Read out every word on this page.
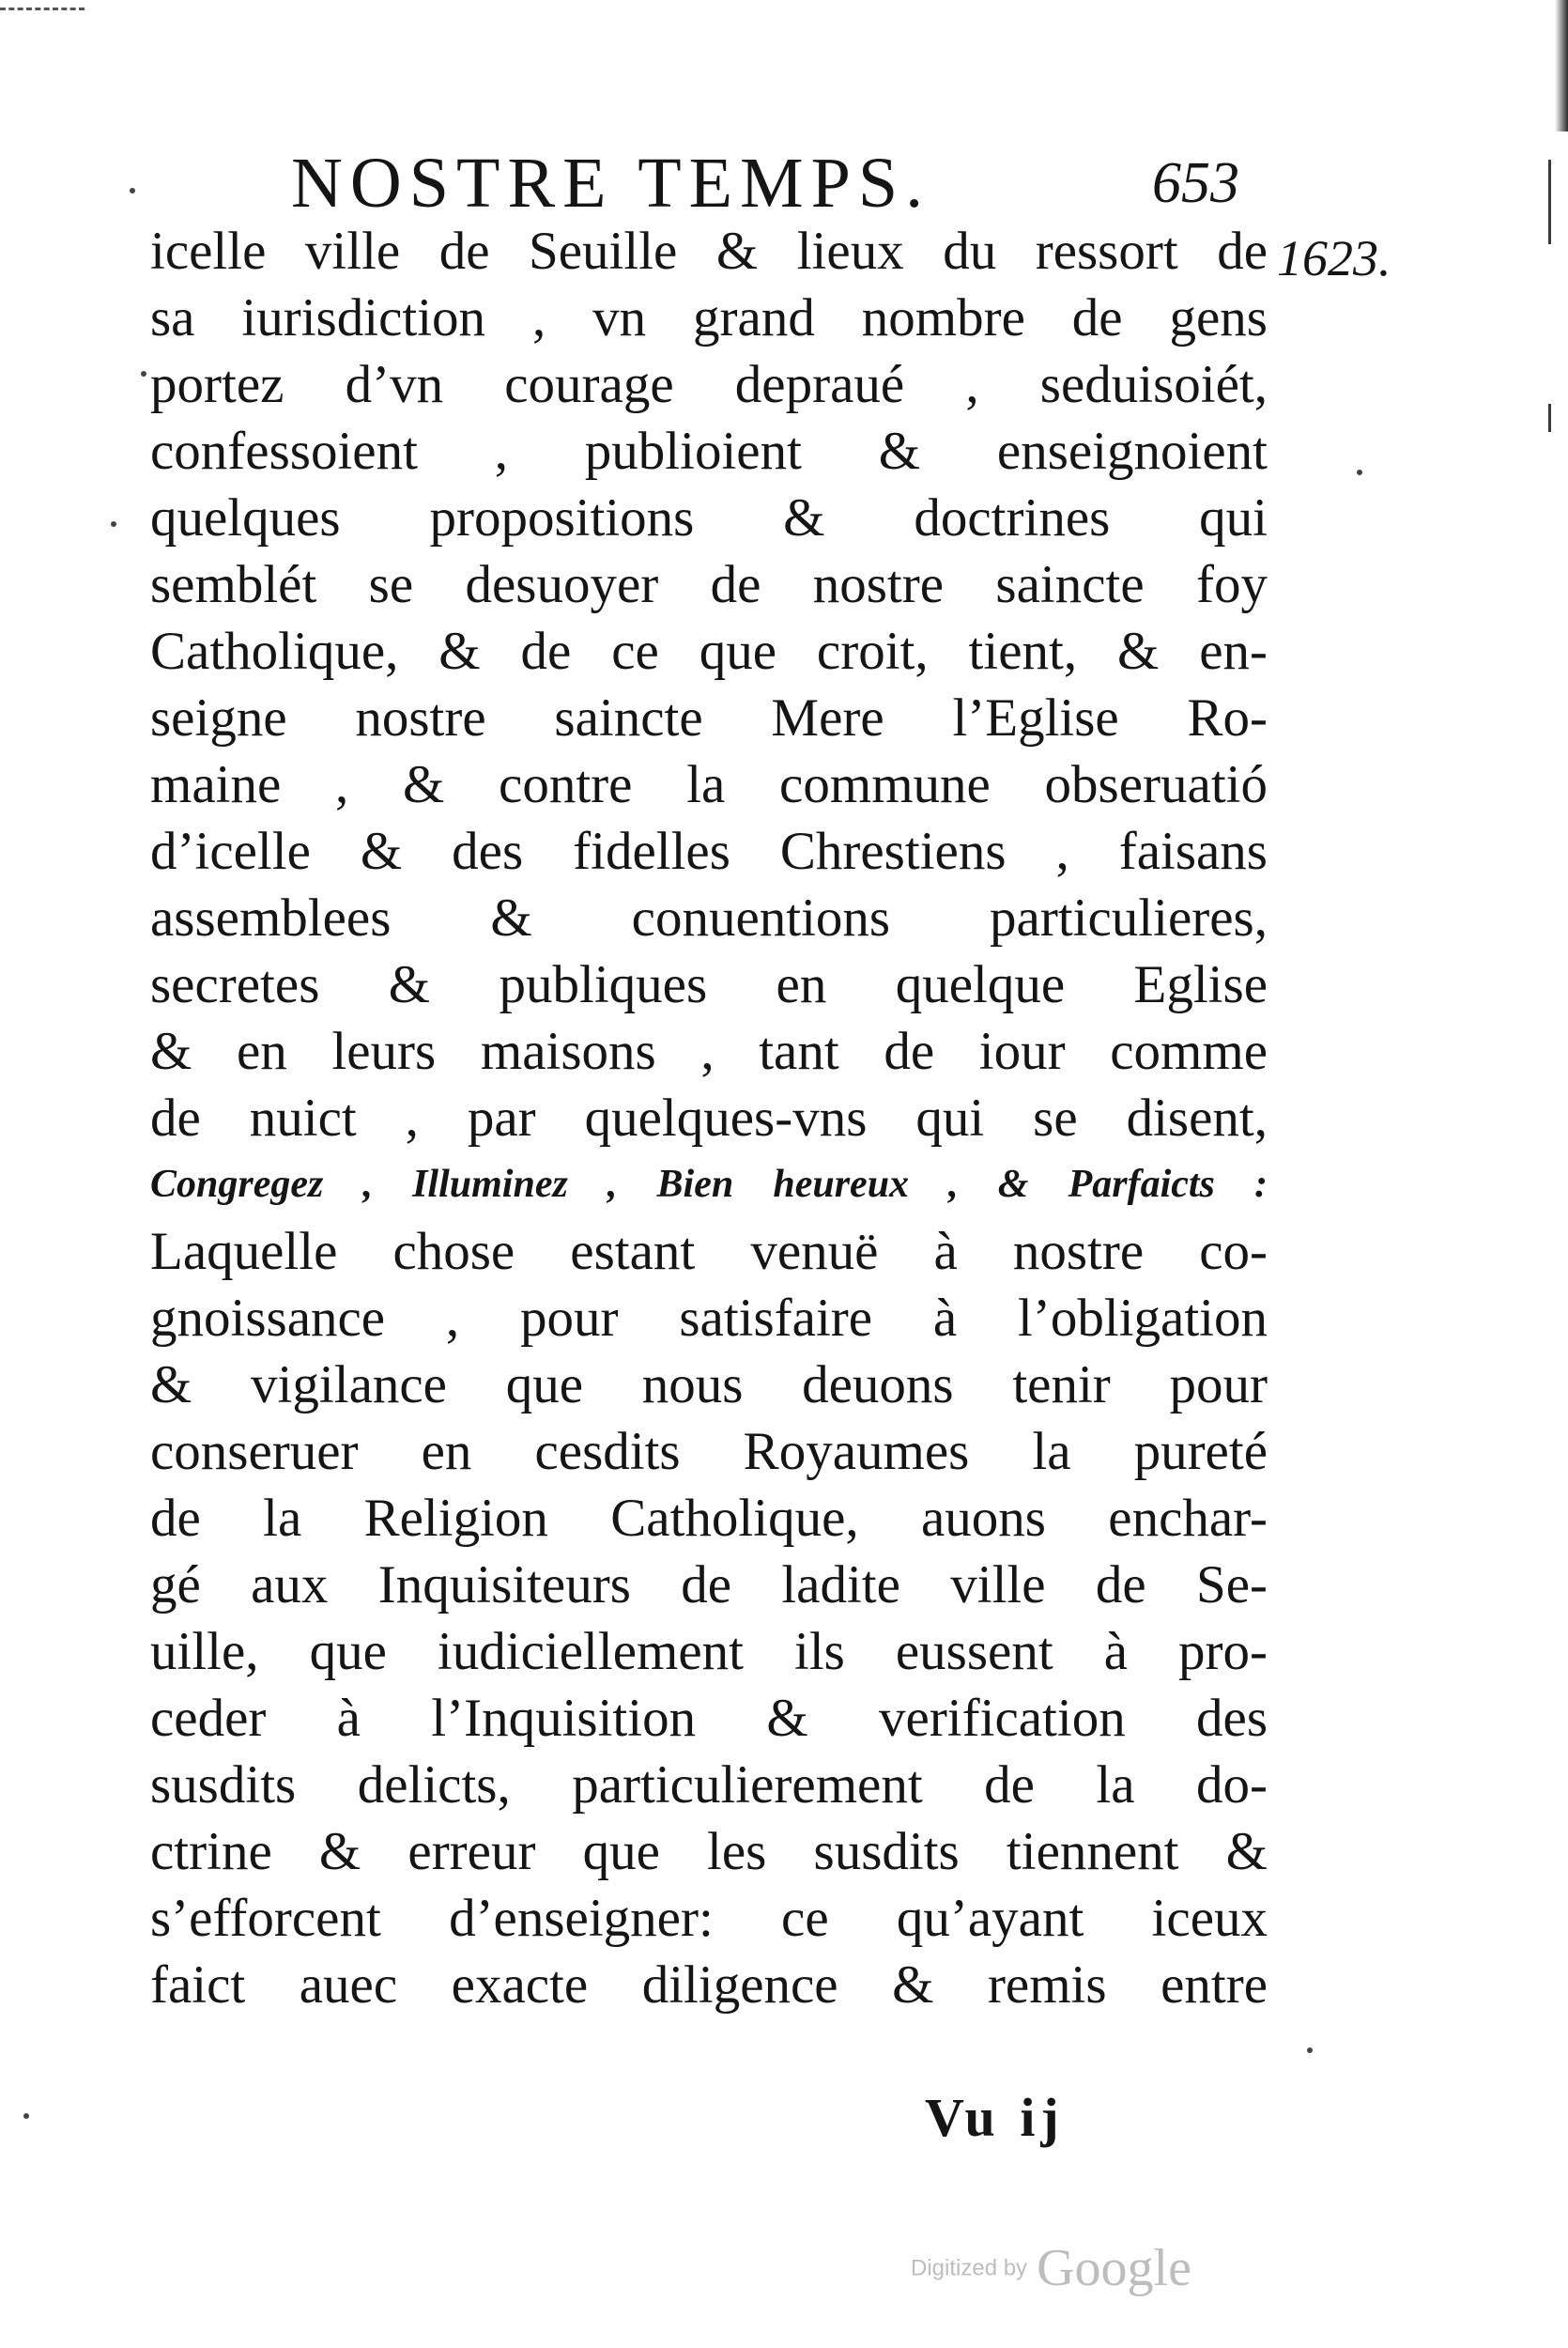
NOSTRE TEMPS.	653
1623.
icelle ville de Seuille & lieux du ressort de
sa iurisdiction , vn grand nombre de gens
portez d’vn courage depraué , seduisoiét,
confessoient , publioient & enseignoient
quelques propositions & doctrines qui
semblét se desuoyer de nostre saincte foy
Catholique, & de ce que croit, tient, & en-
seigne nostre saincte Mere l’Eglise Ro-
maine , & contre la commune obseruatió
d’icelle & des fidelles Chrestiens , faisans
assemblees & conuentions particulieres,
secretes & publiques en quelque Eglise
& en leurs maisons , tant de iour comme
de nuict , par quelques-vns qui se disent,
Congregez , Illuminez , Bien heureux , & Parfaicts :
Laquelle chose estant venuë à nostre co-
gnoissance , pour satisfaire à l’obligation
& vigilance que nous deuons tenir pour
conseruer en cesdits Royaumes la pureté
de la Religion Catholique, auons enchar-
gé aux Inquisiteurs de ladite ville de Se-
uille, que iudiciellement ils eussent à pro-
ceder à l’Inquisition & verification des
susdits delicts, particulierement de la do-
ctrine & erreur que les susdits tiennent &
s’efforcent d’enseigner: ce qu’ayant iceux
faict auec exacte diligence & remis entre
Vu ij
Digitized by Google
